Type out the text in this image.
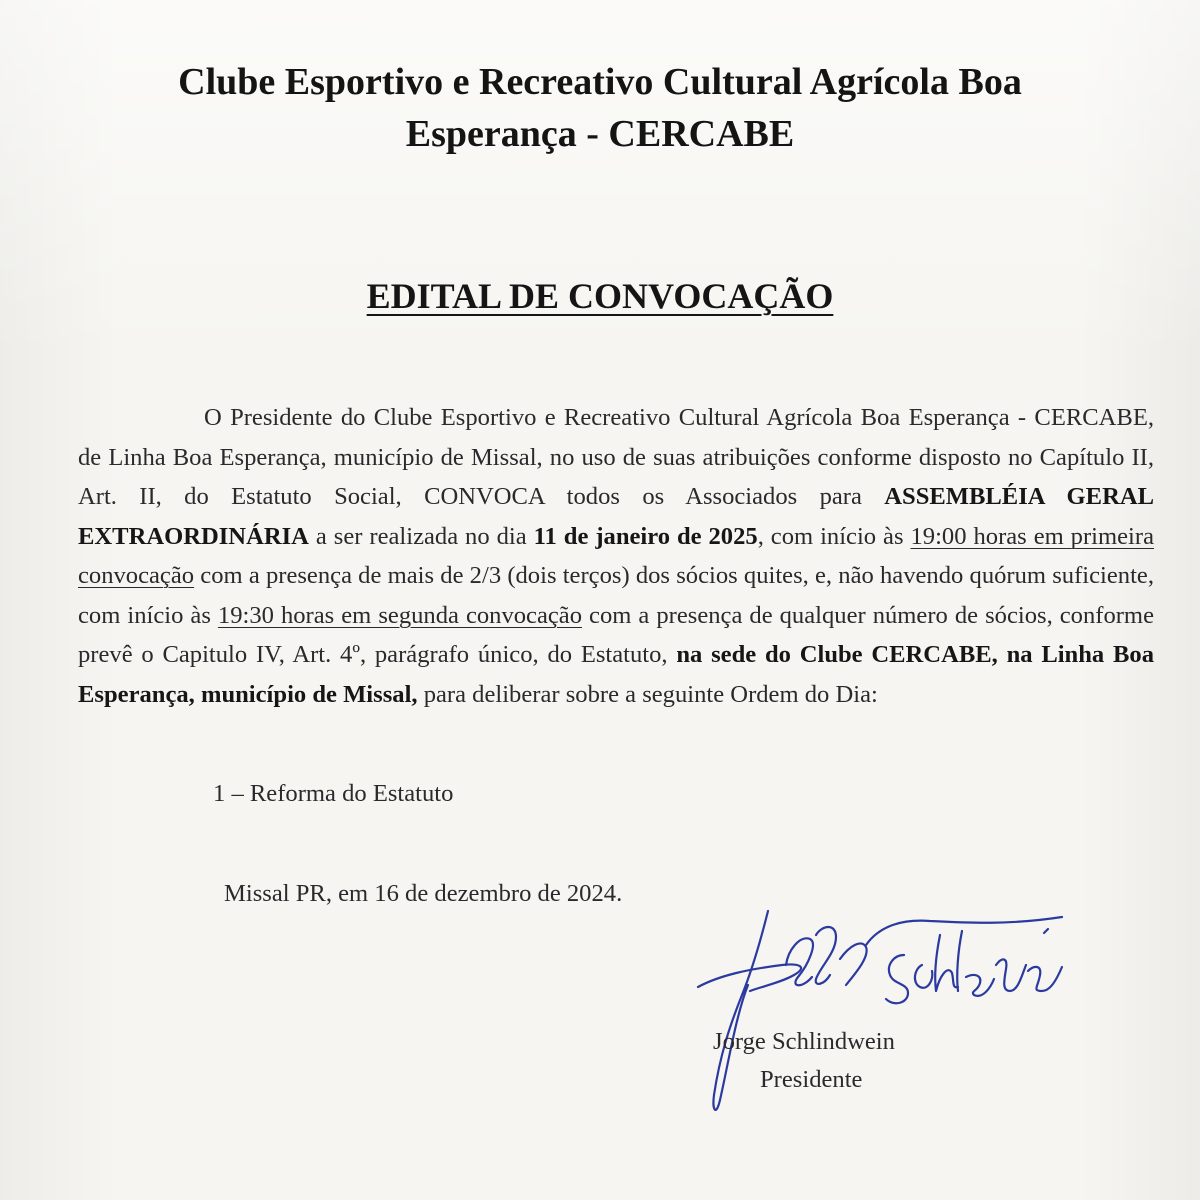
Clube Esportivo e Recreativo Cultural Agrícola Boa
Esperança - CERCABE
EDITAL DE CONVOCAÇÃO

O Presidente do Clube Esportivo e Recreativo Cultural Agrícola Boa Esperança - CERCABE, de Linha Boa Esperança, município de Missal, no uso de suas atribuições conforme disposto no Capítulo II, Art. II, do Estatuto Social, CONVOCA todos os Associados para ASSEMBLÉIA GERAL EXTRAORDINÁRIA a ser realizada no dia 11 de janeiro de 2025, com início às 19:00 horas em primeira convocação com a presença de mais de 2/3 (dois terços) dos sócios quites, e, não havendo quórum suficiente, com início às 19:30 horas em segunda convocação com a presença de qualquer número de sócios, conforme prevê o Capitulo IV, Art. 4º, parágrafo único, do Estatuto, na sede do Clube CERCABE, na Linha Boa Esperança, município de Missal, para deliberar sobre a seguinte Ordem do Dia:

1 – Reforma do Estatuto

Missal PR, em 16 de dezembro de 2024.

Jorge Schlindwein

Presidente
